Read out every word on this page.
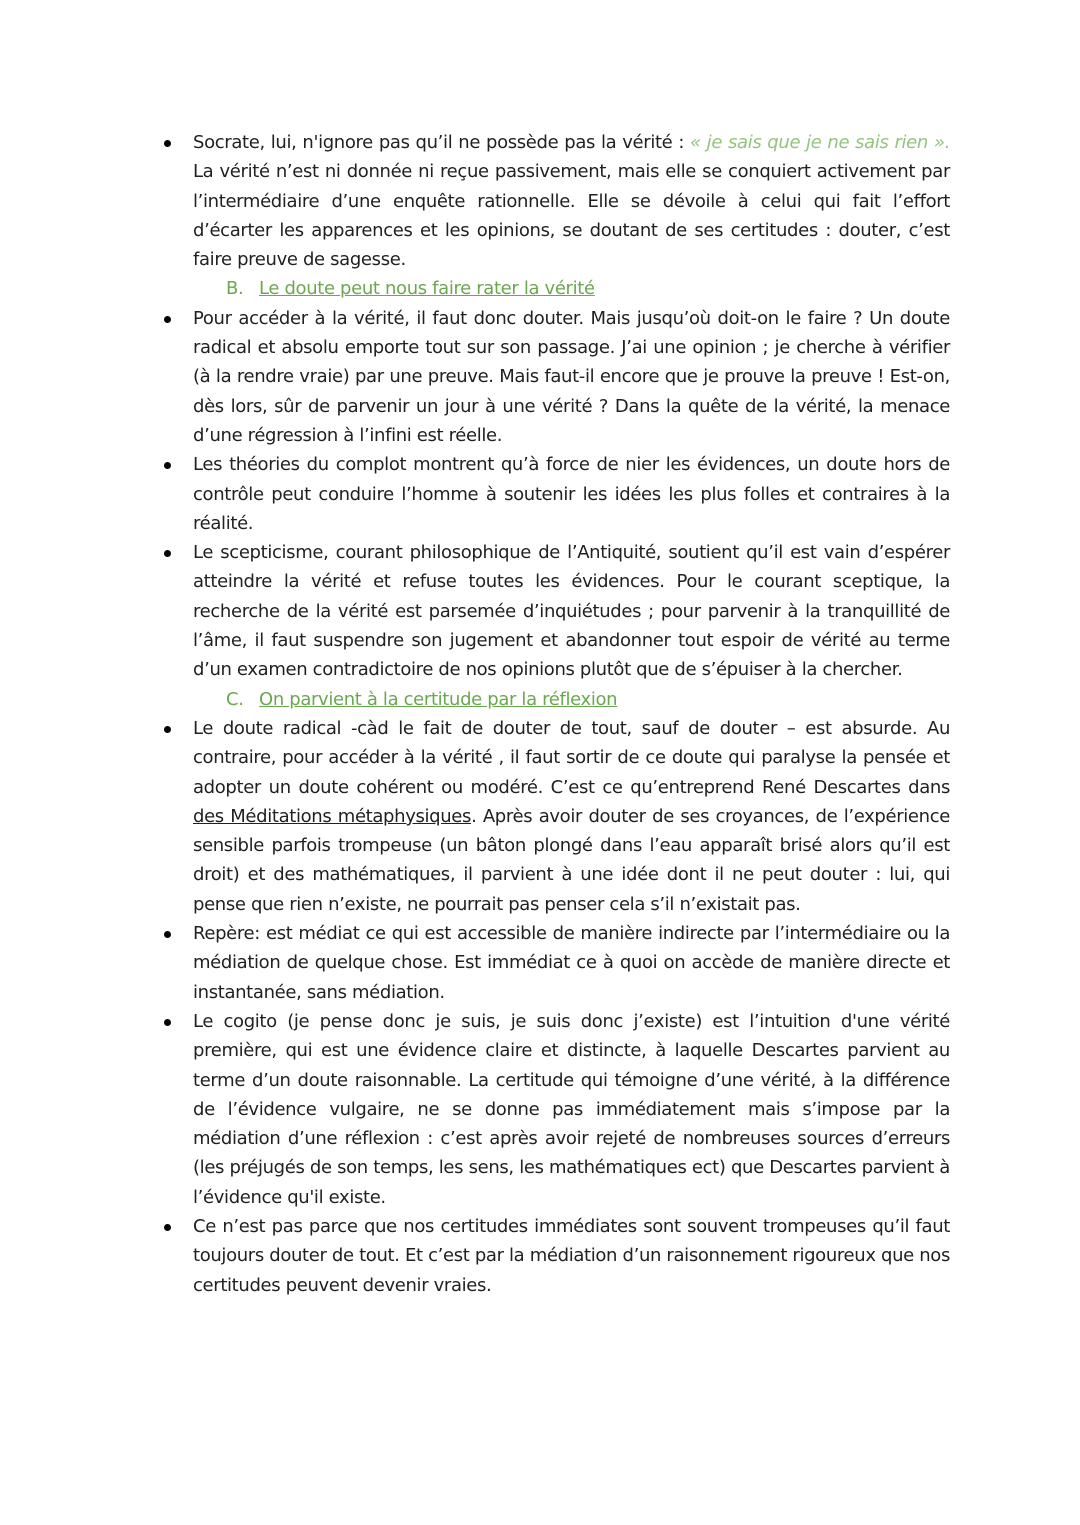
Socrate, lui, n'ignore pas qu’il ne possède pas la vérité : « je sais que je ne sais rien ». La vérité n’est ni donnée ni reçue passivement, mais elle se conquiert activement par l’intermédiaire d’une enquête rationnelle. Elle se dévoile à celui qui fait l’effort d’écarter les apparences et les opinions, se doutant de ses certitudes : douter, c’est faire preuve de sagesse.

B. Le doute peut nous faire rater la vérité

Pour accéder à la vérité, il faut donc douter. Mais jusqu’où doit-on le faire ? Un doute radical et absolu emporte tout sur son passage. J’ai une opinion ; je cherche à vérifier (à la rendre vraie) par une preuve. Mais faut-il encore que je prouve la preuve ! Est-on, dès lors, sûr de parvenir un jour à une vérité ? Dans la quête de la vérité, la menace d’une régression à l’infini est réelle.

Les théories du complot montrent qu’à force de nier les évidences, un doute hors de contrôle peut conduire l’homme à soutenir les idées les plus folles et contraires à la réalité.

Le scepticisme, courant philosophique de l’Antiquité, soutient qu’il est vain d’espérer atteindre la vérité et refuse toutes les évidences. Pour le courant sceptique, la recherche de la vérité est parsemée d’inquiétudes ; pour parvenir à la tranquillité de l’âme, il faut suspendre son jugement et abandonner tout espoir de vérité au terme d’un examen contradictoire de nos opinions plutôt que de s’épuiser à la chercher.

C. On parvient à la certitude par la réflexion

Le doute radical -càd le fait de douter de tout, sauf de douter – est absurde. Au contraire, pour accéder à la vérité , il faut sortir de ce doute qui paralyse la pensée et adopter un doute cohérent ou modéré. C’est ce qu’entreprend René Descartes dans des Méditations métaphysiques. Après avoir douter de ses croyances, de l’expérience sensible parfois trompeuse (un bâton plongé dans l’eau apparaît brisé alors qu’il est droit) et des mathématiques, il parvient à une idée dont il ne peut douter : lui, qui pense que rien n’existe, ne pourrait pas penser cela s’il n’existait pas.

Repère: est médiat ce qui est accessible de manière indirecte par l’intermédiaire ou la médiation de quelque chose. Est immédiat ce à quoi on accède de manière directe et instantanée, sans médiation.

Le cogito (je pense donc je suis, je suis donc j’existe) est l’intuition d'une vérité première, qui est une évidence claire et distincte, à laquelle Descartes parvient au terme d’un doute raisonnable. La certitude qui témoigne d’une vérité, à la différence de l’évidence vulgaire, ne se donne pas immédiatement mais s’impose par la médiation d’une réflexion : c’est après avoir rejeté de nombreuses sources d’erreurs (les préjugés de son temps, les sens, les mathématiques ect) que Descartes parvient à l’évidence qu'il existe.

Ce n’est pas parce que nos certitudes immédiates sont souvent trompeuses qu’il faut toujours douter de tout. Et c’est par la médiation d’un raisonnement rigoureux que nos certitudes peuvent devenir vraies.
